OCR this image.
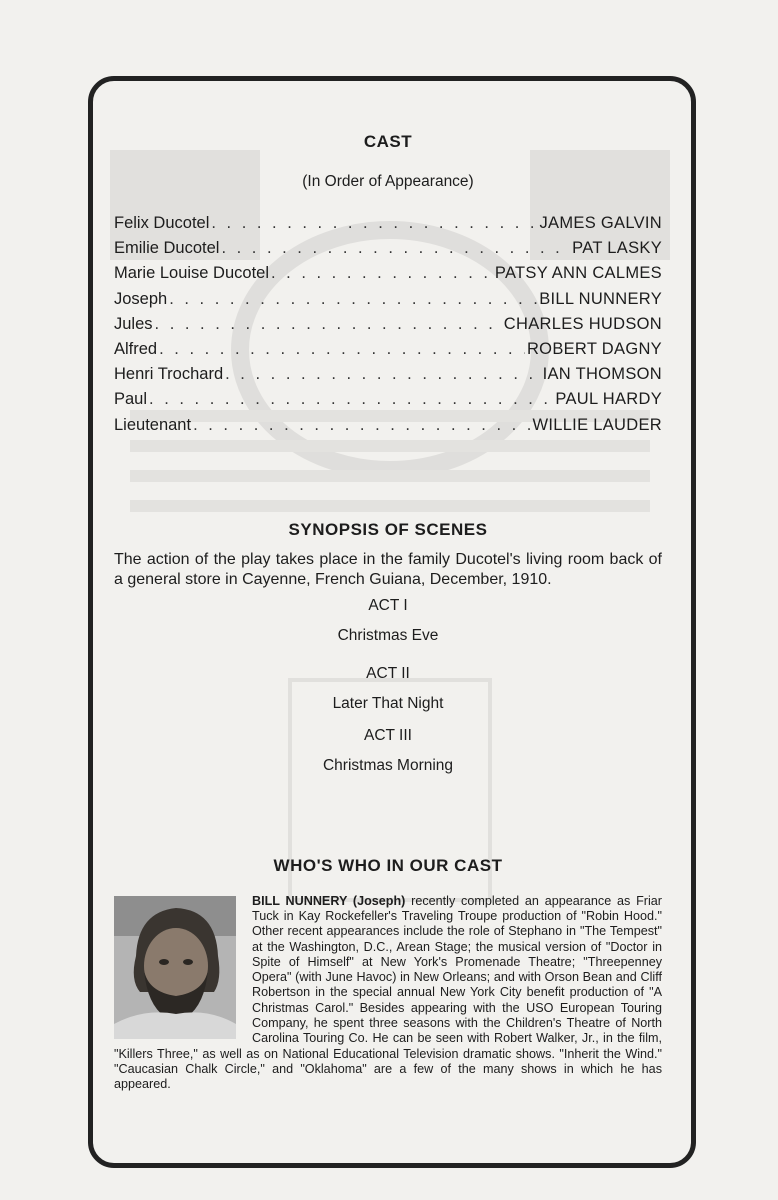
CAST
(In Order of Appearance)
Felix Ducotel . . .	JAMES GALVIN
Emilie Ducotel . . .	PAT LASKY
Marie Louise Ducotel . . .	PATSY ANN CALMES
Joseph . . .	BILL NUNNERY
Jules . . .	CHARLES HUDSON
Alfred . . .	ROBERT DAGNY
Henri Trochard . . .	IAN THOMSON
Paul . . .	PAUL HARDY
Lieutenant . . .	WILLIE LAUDER
SYNOPSIS OF SCENES
The action of the play takes place in the family Ducotel's living room back of a general store in Cayenne, French Guiana, December, 1910.
ACT I
Christmas Eve
ACT II
Later That Night
ACT III
Christmas Morning
WHO'S WHO IN OUR CAST
BILL NUNNERY (Joseph) recently completed an appearance as Friar Tuck in Kay Rockefeller's Traveling Troupe production of "Robin Hood." Other recent appearances include the role of Stephano in "The Tempest" at the Washington, D.C., Arean Stage; the musical version of "Doctor in Spite of Himself" at New York's Promenade Theatre; "Threepenney Opera" (with June Havoc) in New Orleans; and with Orson Bean and Cliff Robertson in the special annual New York City benefit production of "A Christmas Carol." Besides appearing with the USO European Touring Company, he spent three seasons with the Children's Theatre of North Carolina Touring Co. He can be seen with Robert Walker, Jr., in the film, "Killers Three," as well as on National Educational Television dramatic shows. "Inherit the Wind." "Caucasian Chalk Circle," and "Oklahoma" are a few of the many shows in which he has appeared.
